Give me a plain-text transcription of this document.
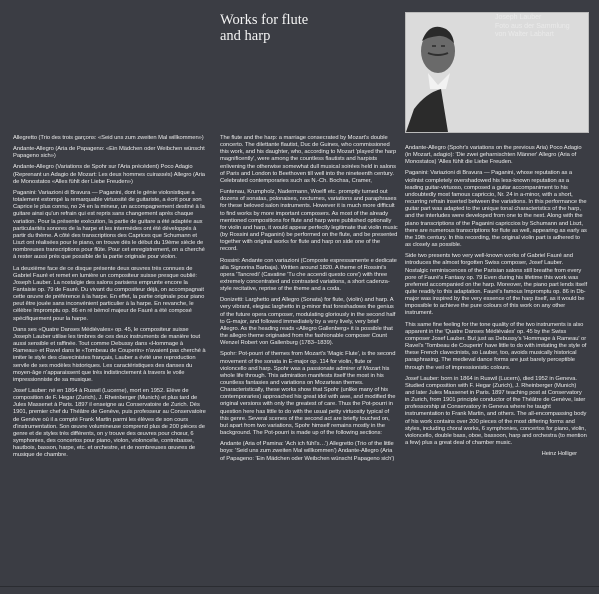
Works for flute
and harp
Joseph Lauber
Foto aus der Sammlung
von Walter Labhart

Allegretto (Trio des trois garçons: «Seid uns zum zweiten Mal willkommen»)

Andante-Allegro (Aria de Papageno: «Ein Mädchen oder Weibchen wünscht Papageno sich»)

Andante-Allegro (Variations de Spohr sur l'Aria précédent) Poco Adagio (Reprenant un Adagio de Mozart: Les deux hommes cuirassés) Allegro (Aria de Monostatos «Alles fühlt der Liebe Freuden»)

Paganini: Variazioni di Bravura — Paganini, dont le génie violonistique a totalement estompé la remarquable virtuosité de guitariste, a écrit pour son Caprice le plus connu, no 24 en la mineur, un accompagnement destiné à la guitare ainsi qu'un refrain qui est repris sans changement après chaque variation. Pour la présente exécution, la partie de guitare a été adaptée aux particularités sonores de la harpe et les intermèdes ont été développés à partir du thème. A côté des transcriptions des Caprices que Schumann et Liszt ont réalisées pour le piano, on trouve dès le début du 19ème siècle de nombreuses transcriptions pour flûte. Pour cet enregistrement, on a cherché à rester aussi près que possible de la partie originale pour violon.

La deuxième face de ce disque présente deux œuvres très connues de Gabriel Fauré et remet en lumière un compositeur suisse presque oublié: Joseph Lauber. La nostalgie des salons parisiens emprunte encore la Fantaisie op. 79 de Fauré. Du vivant du compositeur déjà, on accompagnait cette œuvre de préférence à la harpe. En effet, la partie originale pour piano peut être jouée sans inconvénient particulier à la harpe. En revanche, le célèbre Impromptu op. 86 en ré bémol majeur de Fauré a été composé spécifiquement pour la harpe.

Dans ses «Quatre Danses Médiévales» op. 45, le compositeur suisse Joseph Lauber utilise les timbres de ces deux instruments de manière tout aussi sensible et raffinée. Tout comme Debussy dans «Hommage à Rameau» et Ravel dans le «Tombeau de Couperin» n'avaient pas cherché à imiter le style des clavecinistes français, Lauber a évité une reproduction servile de ses modèles historiques. Les caractéristiques des danses du moyen-âge n'apparaissent que très indistinctement à travers le voile impressionniste de sa musique.

Josef Lauber: né en 1864 à Ruswil (Lucerne), mort en 1952. Elève de composition de F. Hegar (Zurich), J. Rheinberger (Munich) et plus tard de Jules Massenet à Paris. 1897 il enseigne au Conservatoire de Zurich. Dès 1901, premier chef du Théâtre de Genève, puis professeur au Conservatoire de Genève où il a compté Frank Martin parmi les élèves de son cours d'instrumentation. Son œuvre volumineuse comprend plus de 200 pièces de genre et de styles très différents, on y trouve des œuvres pour chœur, 6 symphonies, des concertos pour piano, violon, violoncelle, contrebasse, hautbois, basson, harpe, etc. et orchestre, et de nombreuses œuvres de musique de chambre.

The flute and the harp: a marriage consecrated by Mozart's double concerto. The dilettante flautist, Duc de Guines, who commissioned this work, and his daughter, who, according to Mozart 'played the harp magnificently', were among the countless flautists and harpists enlivening the otherwise somewhat dull musical soirées held in salons of Paris and London to Beethoven till well into the nineteenth century. Celebrated contemporaries such as N.-Ch. Bochsa, Cramer,

Funtenau, Krumpholz, Nadermann, Woelfl etc. promptly turned out dozens of sonatas, polonaises, nocturnes, variations and paraphrases for these beloved salon instruments. However it is much more difficult to find works by more important composers. As most of the already mentioned compositions for flute and harp were published optionally for violin and harp, it would appear perfectly legitimate that violin music (by Rossini and Paganini) be performed on the flute, and be presented together with original works for flute and harp on side one of the record.

Rossini: Andante con variazioni (Composte espressamente e dedicate alla Signorina Barbaja). Written around 1820. A theme of Rossini's opera 'Tancredi' (Cavatine 'Tu che accendi questo core') with three extremely concentrated and contrasted variations, a short cadenza-style recitative, reprise of the theme and a coda.

Donizetti: Larghetto and Allegro (Sonata) for flute, (violin) and harp. A very vibrant, elegiac larghetto in g-minor that foreshadows the genius of the future opera composer, modulating gloriously in the second half to G-major, and followed immediately by a very lively, very brief Allegro. As the heading reads «Allegro Gallenberg» it is possible that the allegro theme originated from the fashionable composer Count Wenzel Robert von Gallenburg (1783–1839).

Spohr: Pot-pourri of themes from Mozart's 'Magic Flute', is the second movement of the sonata in E-major op. 114 for violin, flute or violoncello and harp. Spohr was a passionate admirer of Mozart his whole life through. This admiration manifests itself the most in his countless fantasies and variations on Mozartean themes. Characteristically, these works show that Spohr (unlike many of his contemporaries) approached his great idol with awe, and modified the original versions with only the greatest of care. Thus the Pot-pourri in question here has little to do with the usual petty virtuosity typical of this genre. Several scenes of the second act are briefly touched on, but apart from two variations, Spohr himself remains mostly in the background. The Pot-pourri is made up of the following sections:

Andante (Aria of Pamina: 'Ach ich fühl's…') Allegretto (Trio of the little boys: 'Seid uns zum zweiten Mal willkommen') Andante-Allegro (Aria of Papageno: 'Ein Mädchen oder Weibchen wünscht Papageno sich')

Andante-Allegro (Spohr's variations on the previous Aria) Poco Adagio (in Mozart, adagio): 'Die zwei geharnischten Männer' Allegro (Aria of Monostatos) 'Alles fühlt die Liebe Freuden.

Paganini: Variazioni di Bravura — Paganini, whose reputation as a violinist completely overshadowed his less-known reputation as a leading guitar-virtuoso, composed a guitar accompaniment to his undoubtedly most famous capriccio, Nr. 24 in a-minor, with a short, recurring refrain inserted between the variations. In this performance the guitar part was adapted to the unique tonal characteristics of the harp, and the interludes were developed from one to the next. Along with the piano transcriptions of the Paganini capriccios by Schumann and Liszt, there are numerous transcriptions for flute as well, appearing as early as the 19th century. In this recording, the original violin part is adhered to as closely as possible.

Side two presents two very well-known works of Gabriel Fauré and introduces the almost forgotten Swiss composer, Josef Lauber. Nostalgic reminiscences of the Parisian salons still breathe from every pore of Fauré's Fantasy op. 79 Even during his lifetime this work was preferred accompanied on the harp. Moreover, the piano part lends itself quite readily to this adaptation. Fauré's famous Impromptu op. 86 in Db-major was inspired by the very essence of the harp itself, as it would be impossible to achieve the pure colours of this work on any other instrument.

This same fine feeling for the tone quality of the two instruments is also apparent in the 'Quatre Danses Médiévales' op. 45 by the Swiss composer Josef Lauber. But just as Debussy's 'Hommage à Rameau' or Ravel's 'Tombeau de Couperin' have little to do with imitating the style of these French clavecinists, so Lauber, too, avoids musically historical paraphrasing. The medieval dance forms are just barely perceptible through the veil of impressionistic colours.

Josef Lauber: born in 1864 in Ruswil (Lucern), died 1952 in Geneva. Studied composition with F. Hegar (Zurich), J. Rheinberger (Munich) and later Jules Massenet in Paris. 1897 teaching post at Conservatory in Zurich, from 1901 principle conductor of the Théâtre de Genève, later professorship at Conservatory in Geneva where he taught instrumentation to Frank Martin, and others. The all-encompassing body of his work contains over 200 pieces of the most differing forms and styles, including choral works, 6 symphonies, concertos for piano, violin, violoncello, double bass, oboe, bassoon, harp and orchestra (to mention a few) plus a great deal of chamber music.

Heinz Holliger
